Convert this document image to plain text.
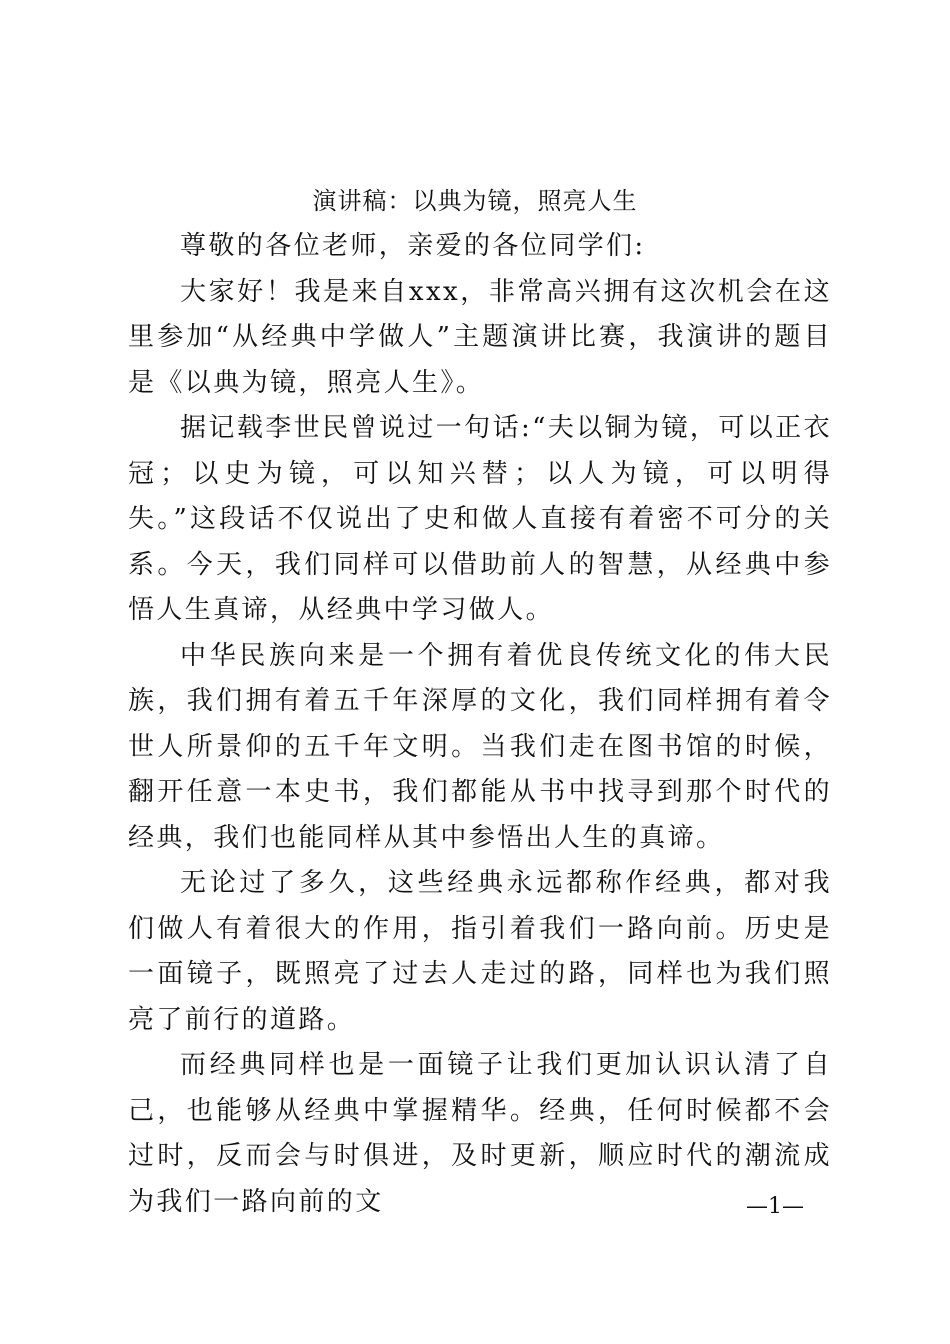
演讲稿：以典为镜，照亮人生

尊敬的各位老师，亲爱的各位同学们:

大家好！我是来自xxx，非常高兴拥有这次机会在这里参加“从经典中学做人”主题演讲比赛，我演讲的题目是《以典为镜，照亮人生》。

据记载李世民曾说过一句话:“夫以铜为镜，可以正衣冠；以史为镜，可以知兴替；以人为镜，可以明得失。”这段话不仅说出了史和做人直接有着密不可分的关系。今天，我们同样可以借助前人的智慧，从经典中参悟人生真谛，从经典中学习做人。

中华民族向来是一个拥有着优良传统文化的伟大民族，我们拥有着五千年深厚的文化，我们同样拥有着令世人所景仰的五千年文明。当我们走在图书馆的时候，翻开任意一本史书，我们都能从书中找寻到那个时代的经典，我们也能同样从其中参悟出人生的真谛。

无论过了多久，这些经典永远都称作经典，都对我们做人有着很大的作用，指引着我们一路向前。历史是一面镜子，既照亮了过去人走过的路，同样也为我们照亮了前行的道路。

而经典同样也是一面镜子让我们更加认识认清了自己，也能够从经典中掌握精华。经典，任何时候都不会过时，反而会与时俱进，及时更新，顺应时代的潮流成为我们一路向前的文	—1—
